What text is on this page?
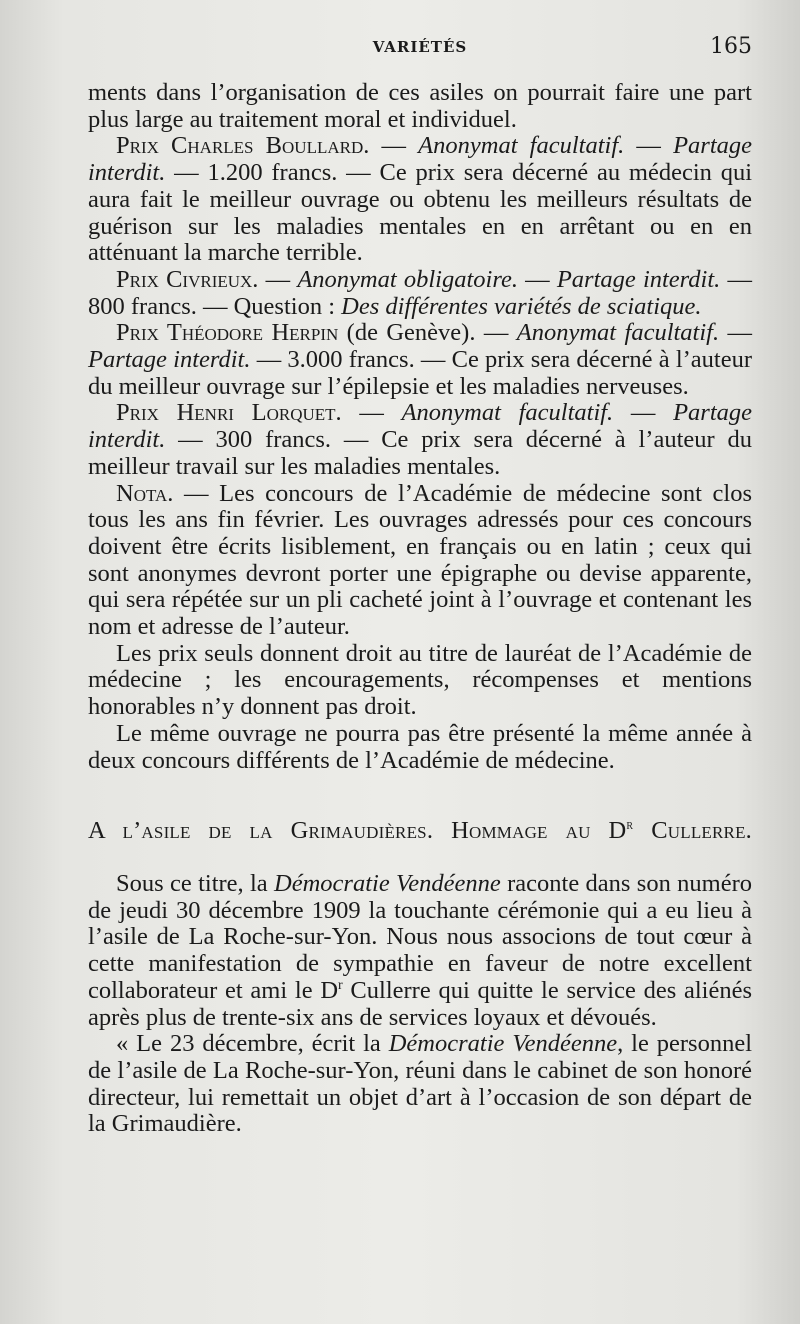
VARIÉTÉS	165

ments dans l’organisation de ces asiles on pourrait faire une part plus large au traitement moral et individuel.

Prix Charles Boullard. — Anonymat facultatif. — Partage interdit. — 1.200 francs. — Ce prix sera décerné au médecin qui aura fait le meilleur ouvrage ou obtenu les meilleurs résultats de guérison sur les maladies mentales en en arrêtant ou en en atténuant la marche terrible.

Prix Civrieux. — Anonymat obligatoire. — Partage interdit. — 800 francs. — Question : Des différentes variétés de sciatique.

Prix Théodore Herpin (de Genève). — Anonymat facultatif. — Partage interdit. — 3.000 francs. — Ce prix sera décerné à l’auteur du meilleur ouvrage sur l’épilepsie et les maladies nerveuses.

Prix Henri Lorquet. — Anonymat facultatif. — Partage interdit. — 300 francs. — Ce prix sera décerné à l’auteur du meilleur travail sur les maladies mentales.

Nota. — Les concours de l’Académie de médecine sont clos tous les ans fin février. Les ouvrages adressés pour ces concours doivent être écrits lisiblement, en français ou en latin ; ceux qui sont anonymes devront porter une épigraphe ou devise apparente, qui sera répétée sur un pli cacheté joint à l’ouvrage et contenant les nom et adresse de l’auteur.

Les prix seuls donnent droit au titre de lauréat de l’Académie de médecine ; les encouragements, récompenses et mentions honorables n’y donnent pas droit.

Le même ouvrage ne pourra pas être présenté la même année à deux concours différents de l’Académie de médecine.

A l’asile de la Grimaudières. Hommage au $D^r$ Cullerre.

Sous ce titre, la Démocratie Vendéenne raconte dans son numéro de jeudi 30 décembre 1909 la touchante cérémonie qui a eu lieu à l’asile de La Roche-sur-Yon. Nous nous associons de tout cœur à cette manifestation de sympathie en faveur de notre excellent collaborateur et ami le $D^r$ Cullerre qui quitte le service des aliénés après plus de trente-six ans de services loyaux et dévoués.

« Le 23 décembre, écrit la Démocratie Vendéenne, le personnel de l’asile de La Roche-sur-Yon, réuni dans le cabinet de son honoré directeur, lui remettait un objet d’art à l’occasion de son départ de la Grimaudière.
